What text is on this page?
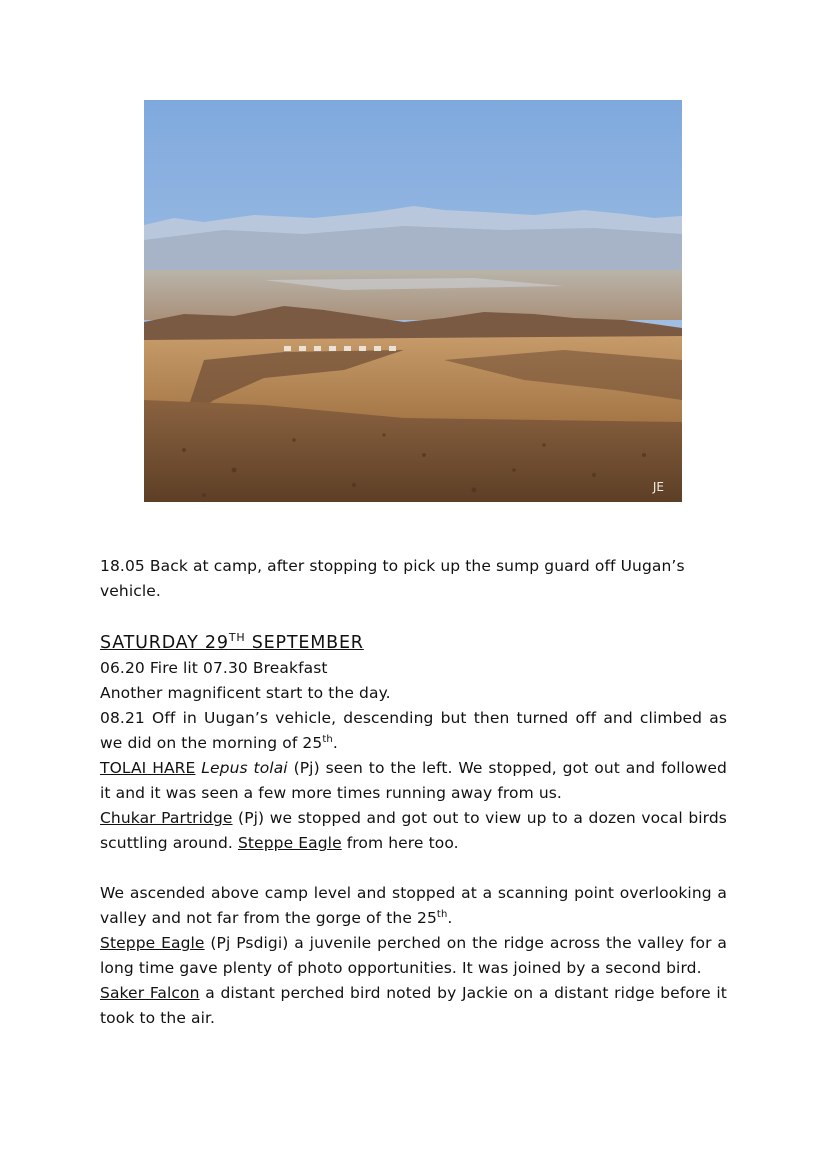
JE

18.05 Back at camp, after stopping to pick up the sump guard off Uugan’s vehicle.

SATURDAY 29TH SEPTEMBER

06.20 Fire lit 07.30 Breakfast

Another magnificent start to the day.

08.21 Off in Uugan’s vehicle, descending but then turned off and climbed as we did on the morning of 25th.

TOLAI HARE Lepus tolai (Pj) seen to the left. We stopped, got out and followed it and it was seen a few more times running away from us.

Chukar Partridge (Pj) we stopped and got out to view up to a dozen vocal birds scuttling around. Steppe Eagle from here too.

We ascended above camp level and stopped at a scanning point overlooking a valley and not far from the gorge of the 25th.

Steppe Eagle (Pj Psdigi) a juvenile perched on the ridge across the valley for a long time gave plenty of photo opportunities. It was joined by a second bird.

Saker Falcon a distant perched bird noted by Jackie on a distant ridge before it took to the air.
